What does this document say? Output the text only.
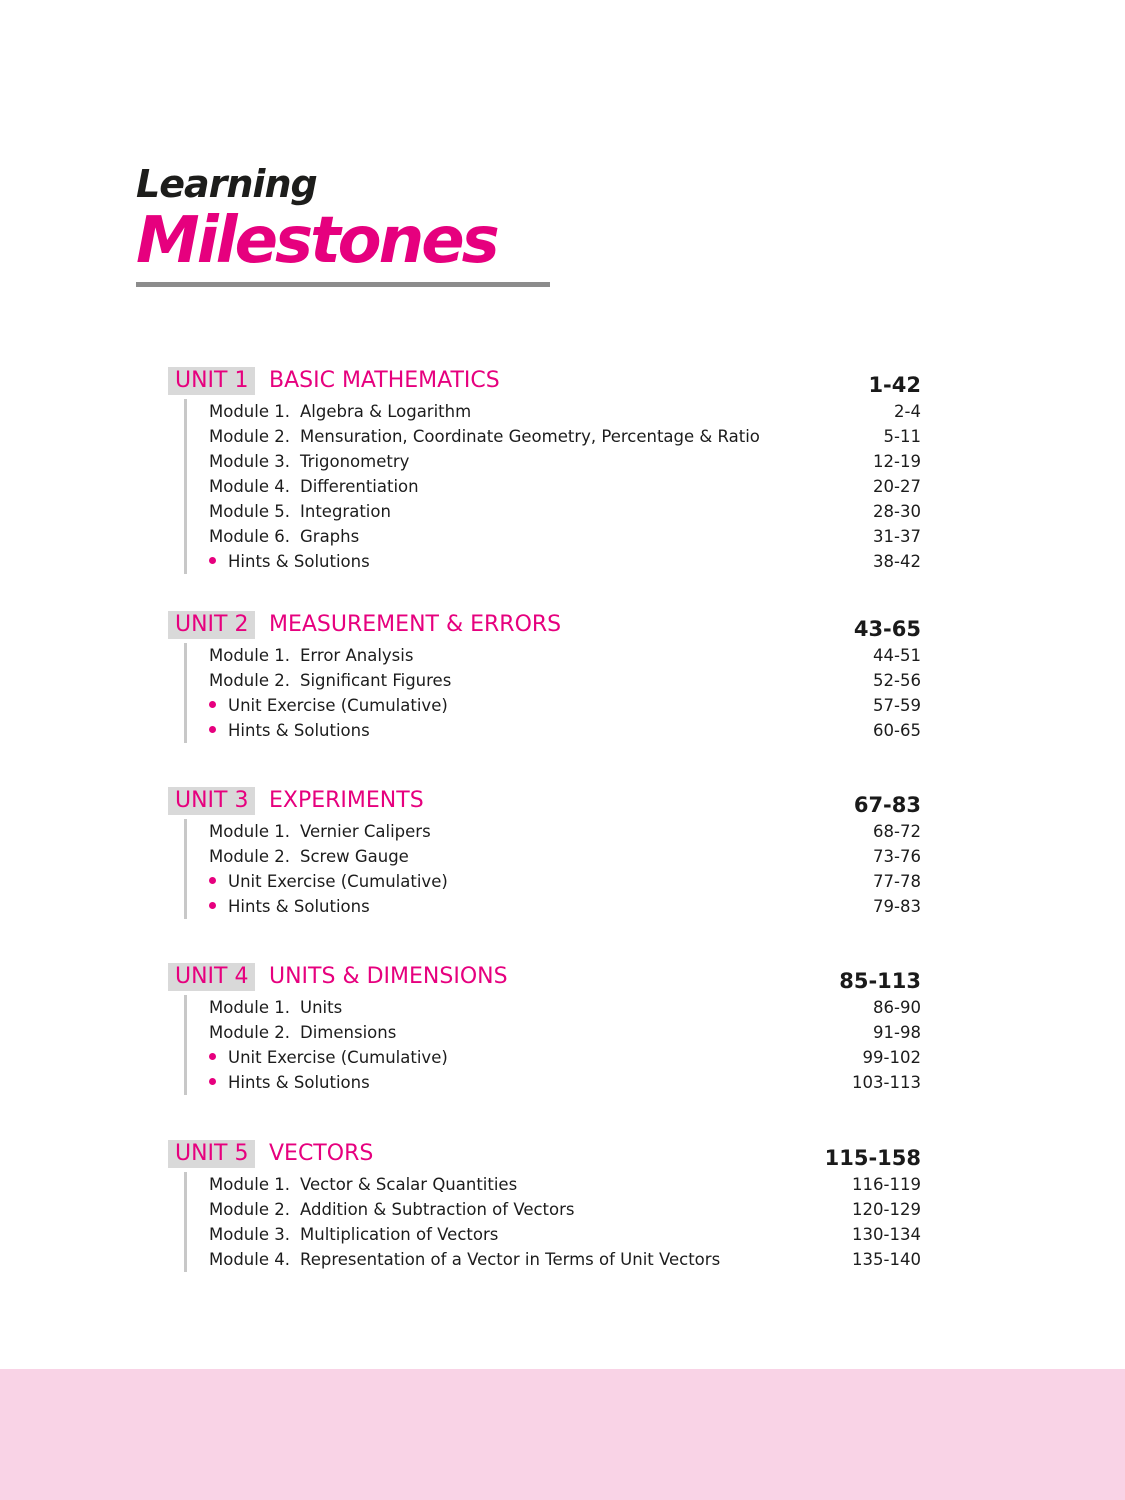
Learning
Milestones
UNIT 1 BASIC MATHEMATICS	1-42
Module 1. Algebra & Logarithm	2-4
Module 2. Mensuration, Coordinate Geometry, Percentage & Ratio	5-11
Module 3. Trigonometry	12-19
Module 4. Differentiation	20-27
Module 5. Integration	28-30
Module 6. Graphs	31-37
Hints & Solutions	38-42
UNIT 2 MEASUREMENT & ERRORS	43-65
Module 1. Error Analysis	44-51
Module 2. Significant Figures	52-56
Unit Exercise (Cumulative)	57-59
Hints & Solutions	60-65
UNIT 3 EXPERIMENTS	67-83
Module 1. Vernier Calipers	68-72
Module 2. Screw Gauge	73-76
Unit Exercise (Cumulative)	77-78
Hints & Solutions	79-83
UNIT 4 UNITS & DIMENSIONS	85-113
Module 1. Units	86-90
Module 2. Dimensions	91-98
Unit Exercise (Cumulative)	99-102
Hints & Solutions	103-113
UNIT 5 VECTORS	115-158
Module 1. Vector & Scalar Quantities	116-119
Module 2. Addition & Subtraction of Vectors	120-129
Module 3. Multiplication of Vectors	130-134
Module 4. Representation of a Vector in Terms of Unit Vectors	135-140
